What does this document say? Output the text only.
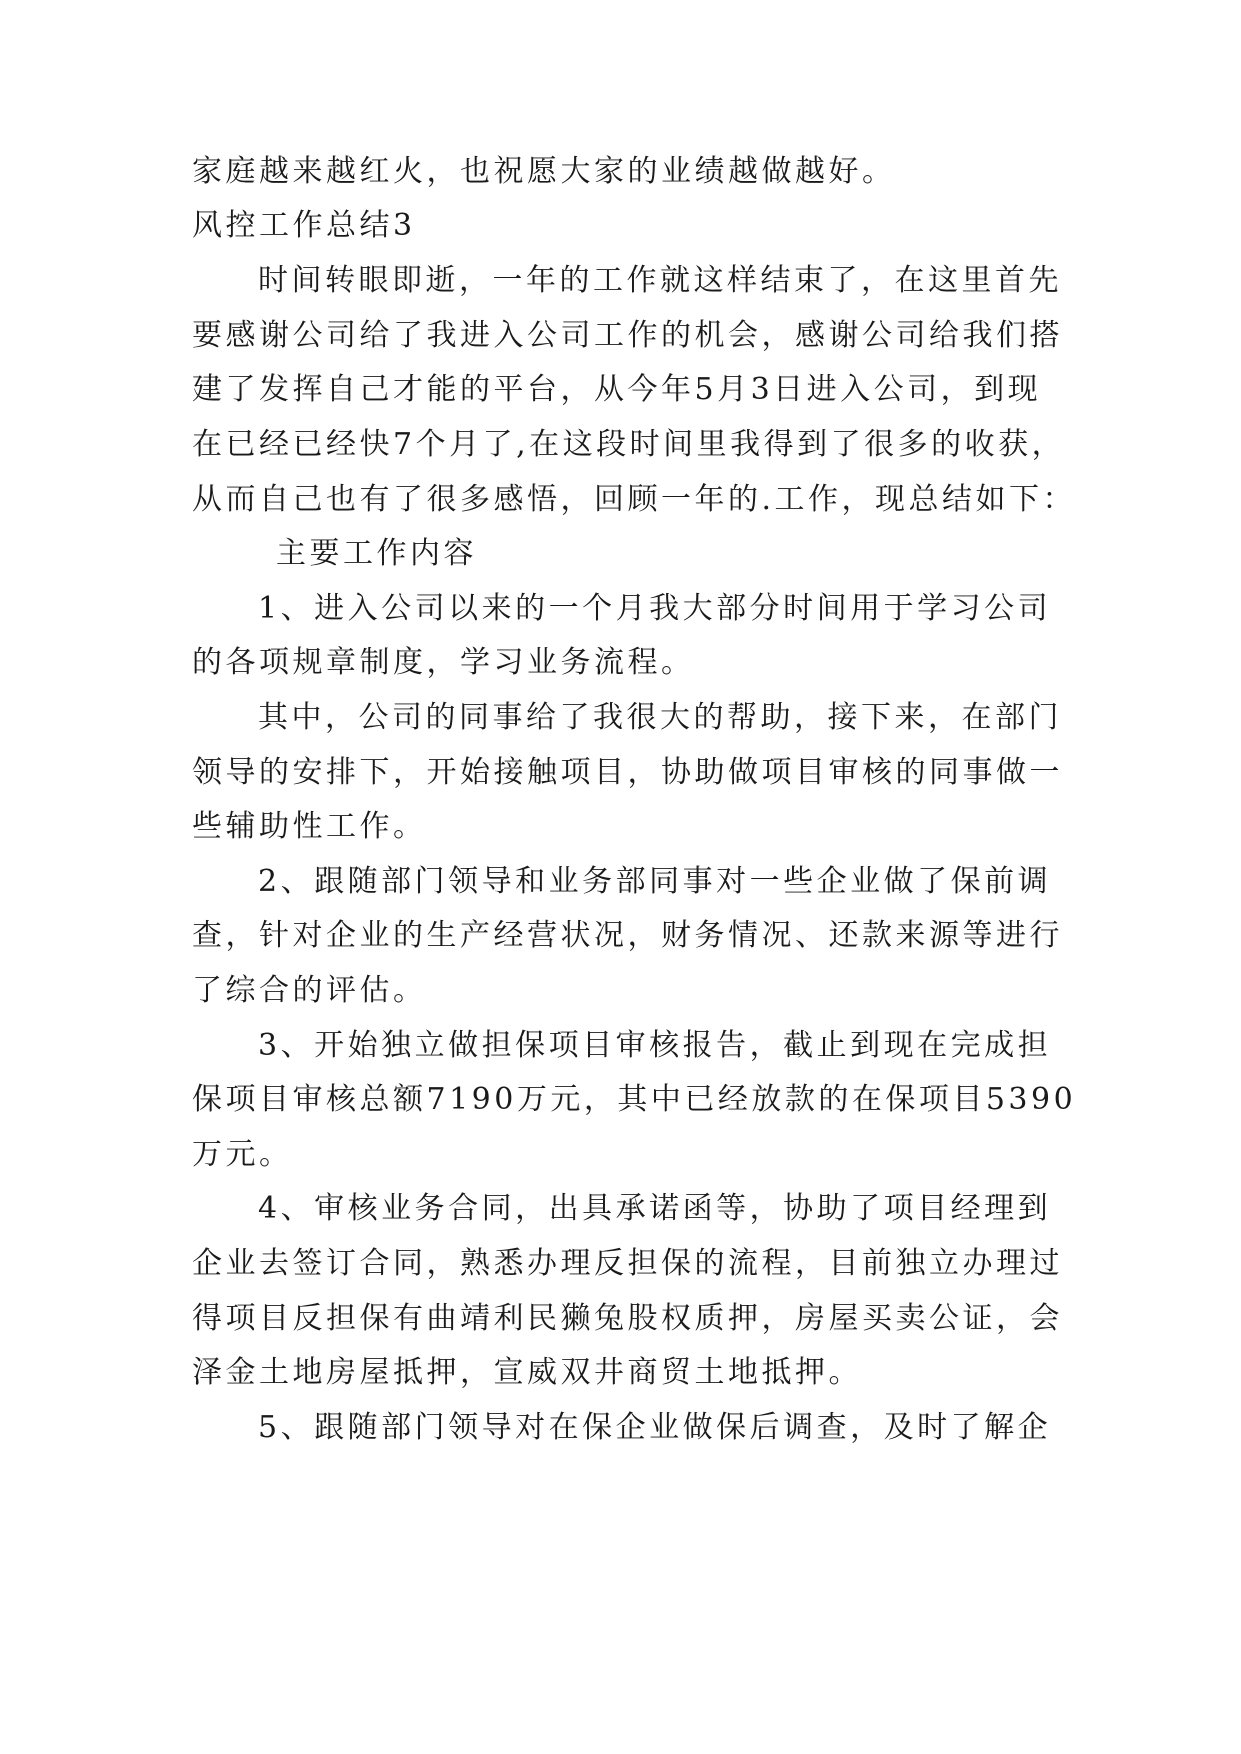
家庭越来越红火，也祝愿大家的业绩越做越好。
风控工作总结3
时间转眼即逝，一年的工作就这样结束了，在这里首先
要感谢公司给了我进入公司工作的机会，感谢公司给我们搭
建了发挥自己才能的平台，从今年5月3日进入公司，到现
在已经已经快7个月了,在这段时间里我得到了很多的收获，
从而自己也有了很多感悟，回顾一年的.工作，现总结如下：
主要工作内容
1、进入公司以来的一个月我大部分时间用于学习公司
的各项规章制度，学习业务流程。
其中，公司的同事给了我很大的帮助，接下来，在部门
领导的安排下，开始接触项目，协助做项目审核的同事做一
些辅助性工作。
2、跟随部门领导和业务部同事对一些企业做了保前调
查，针对企业的生产经营状况，财务情况、还款来源等进行
了综合的评估。
3、开始独立做担保项目审核报告，截止到现在完成担
保项目审核总额7190万元，其中已经放款的在保项目5390
万元。
4、审核业务合同，出具承诺函等，协助了项目经理到
企业去签订合同，熟悉办理反担保的流程，目前独立办理过
得项目反担保有曲靖利民獭兔股权质押，房屋买卖公证，会
泽金土地房屋抵押，宣威双井商贸土地抵押。
5、跟随部门领导对在保企业做保后调查，及时了解企
